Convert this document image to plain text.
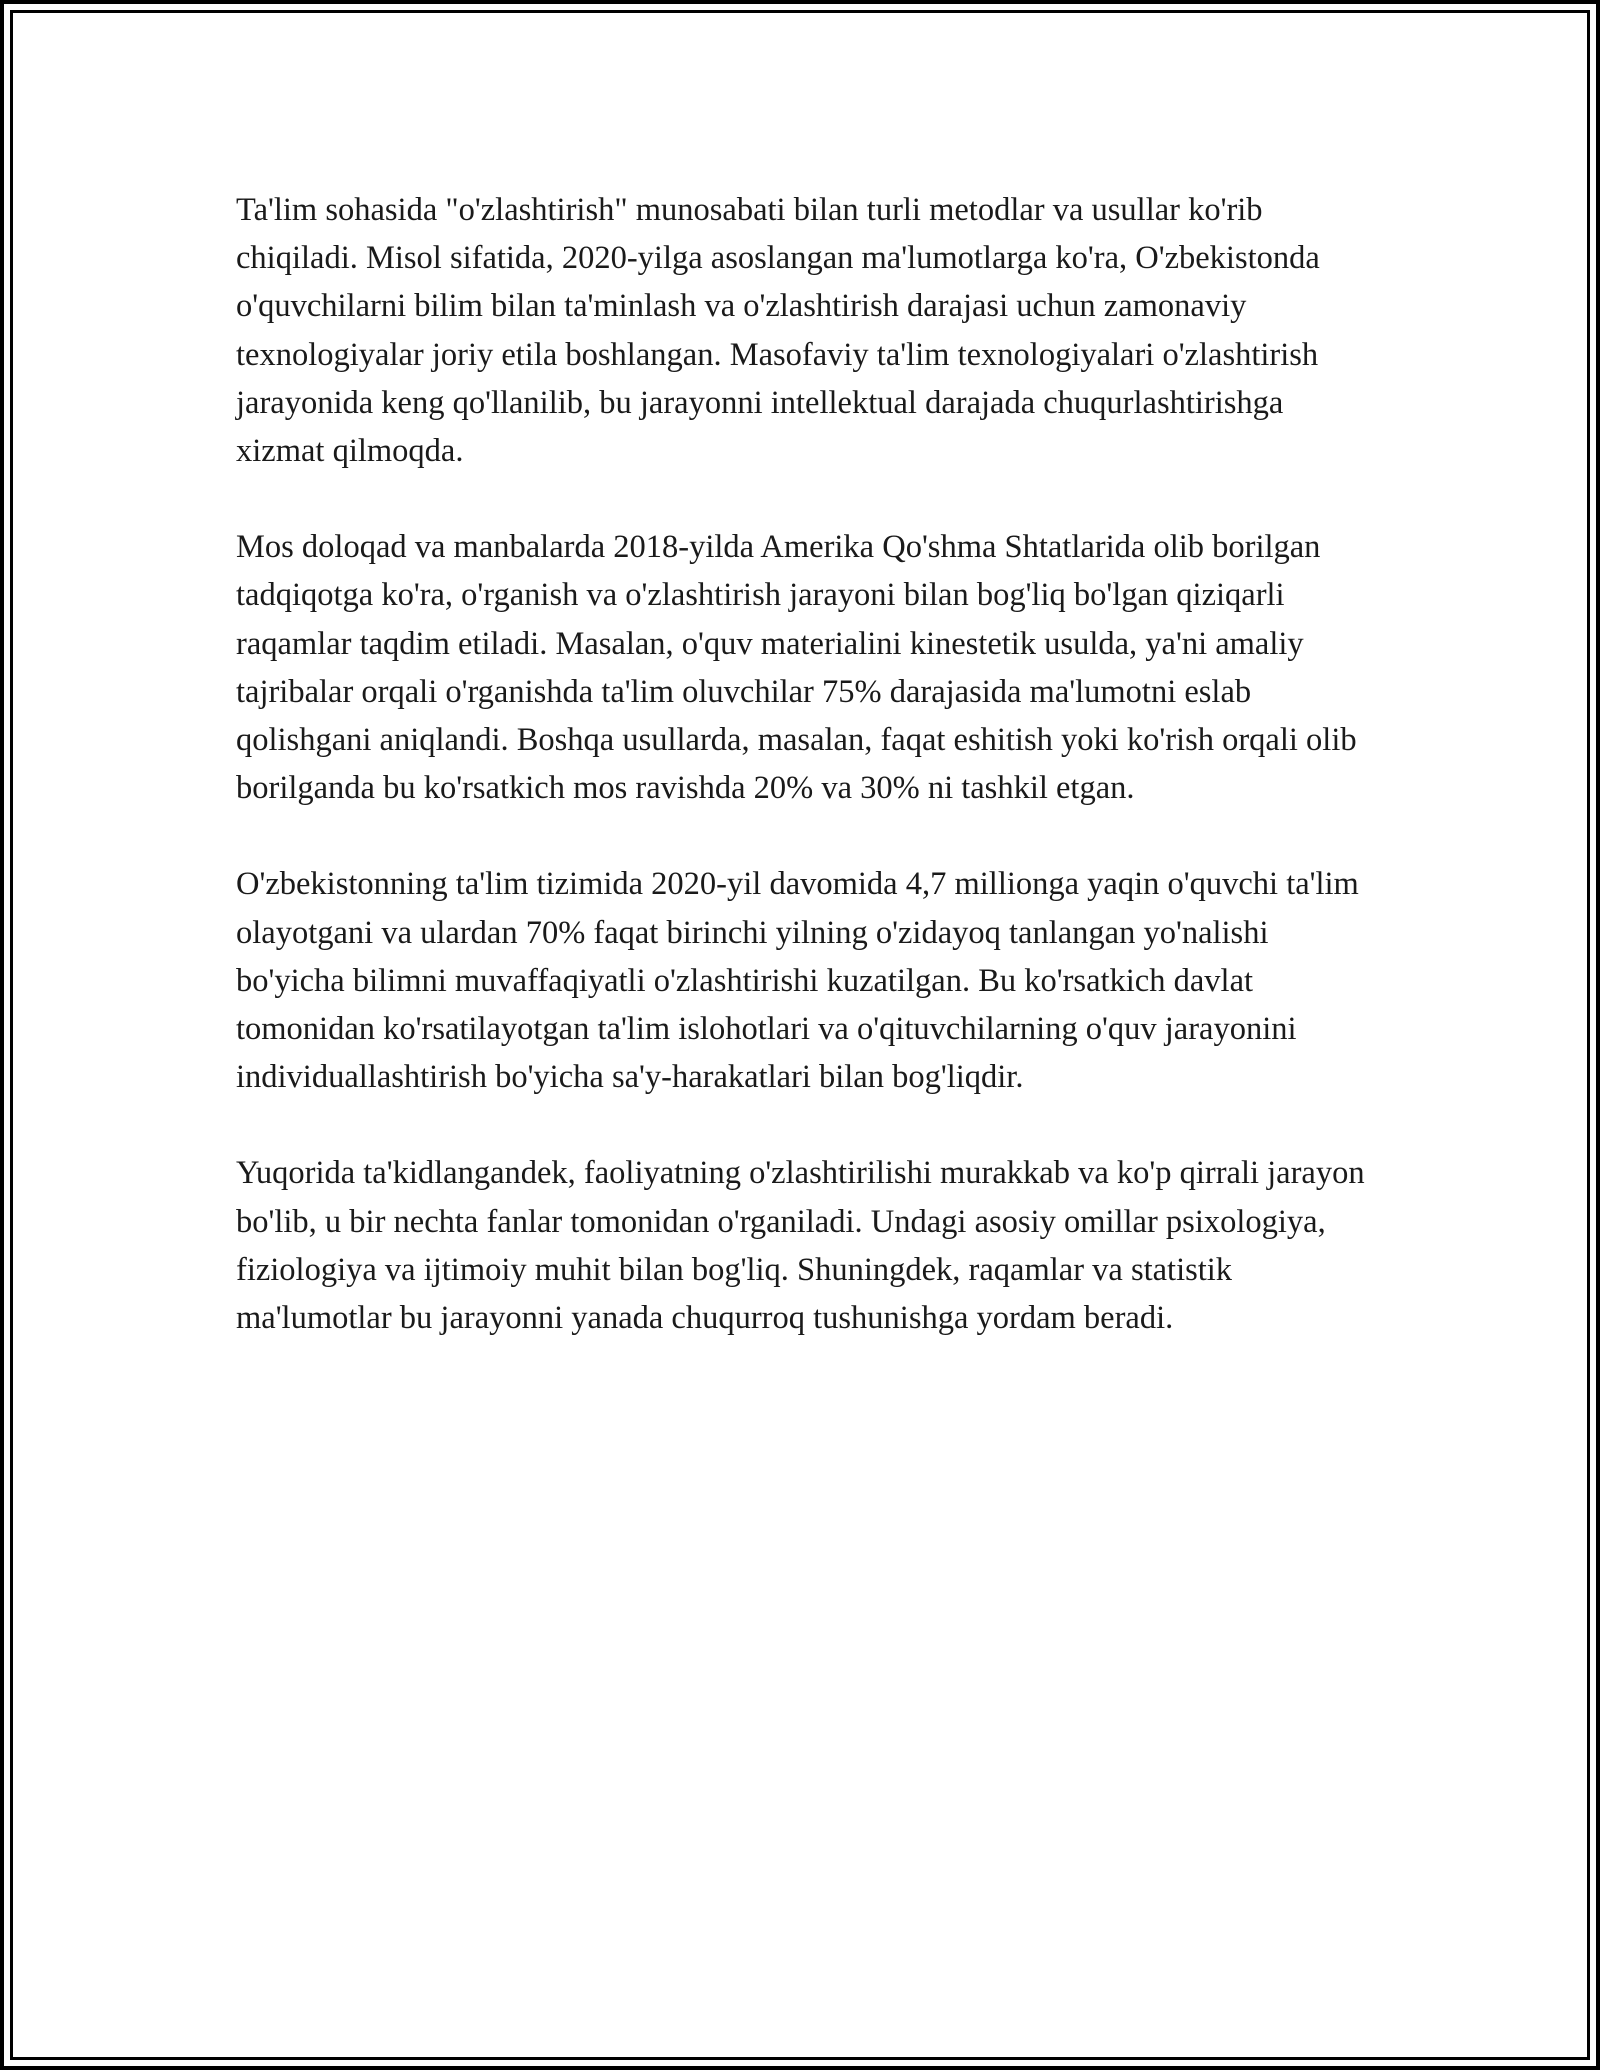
Ta'lim sohasida "o'zlashtirish" munosabati bilan turli metodlar va usullar ko'rib chiqiladi. Misol sifatida, 2020-yilga asoslangan ma'lumotlarga ko'ra, O'zbekistonda o'quvchilarni bilim bilan ta'minlash va o'zlashtirish darajasi uchun zamonaviy texnologiyalar joriy etila boshlangan. Masofaviy ta'lim texnologiyalari o'zlashtirish jarayonida keng qo'llanilib, bu jarayonni intellektual darajada chuqurlashtirishga xizmat qilmoqda.

Mos doloqad va manbalarda 2018-yilda Amerika Qo'shma Shtatlarida olib borilgan tadqiqotga ko'ra, o'rganish va o'zlashtirish jarayoni bilan bog'liq bo'lgan qiziqarli raqamlar taqdim etiladi. Masalan, o'quv materialini kinestetik usulda, ya'ni amaliy tajribalar orqali o'rganishda ta'lim oluvchilar 75% darajasida ma'lumotni eslab qolishgani aniqlandi. Boshqa usullarda, masalan, faqat eshitish yoki ko'rish orqali olib borilganda bu ko'rsatkich mos ravishda 20% va 30% ni tashkil etgan.

O'zbekistonning ta'lim tizimida 2020-yil davomida 4,7 millionga yaqin o'quvchi ta'lim olayotgani va ulardan 70% faqat birinchi yilning o'zidayoq tanlangan yo'nalishi bo'yicha bilimni muvaffaqiyatli o'zlashtirishi kuzatilgan. Bu ko'rsatkich davlat tomonidan ko'rsatilayotgan ta'lim islohotlari va o'qituvchilarning o'quv jarayonini individuallashtirish bo'yicha sa'y-harakatlari bilan bog'liqdir.

Yuqorida ta'kidlangandek, faoliyatning o'zlashtirilishi murakkab va ko'p qirrali jarayon bo'lib, u bir nechta fanlar tomonidan o'rganiladi. Undagi asosiy omillar psixologiya, fiziologiya va ijtimoiy muhit bilan bog'liq. Shuningdek, raqamlar va statistik ma'lumotlar bu jarayonni yanada chuqurroq tushunishga yordam beradi.
